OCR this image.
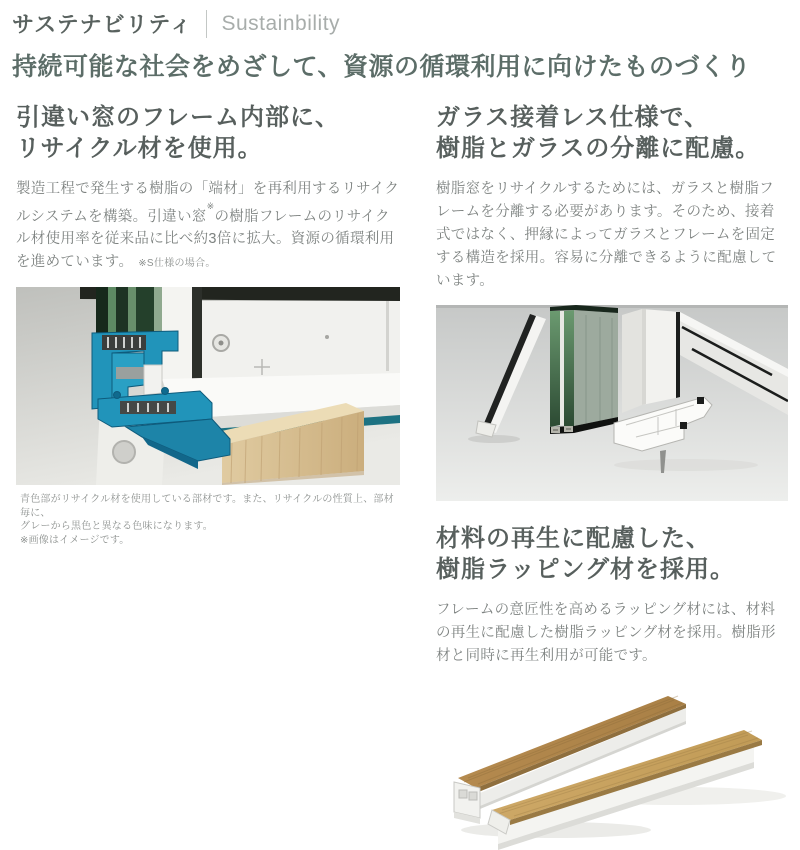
サステナビリティ Sustainbility
持続可能な社会をめざして、資源の循環利用に向けたものづくり
引違い窓のフレーム内部に、
リサイクル材を使用。

製造工程で発生する樹脂の「端材」を再利用するリサイクルシステムを構築。引違い窓※の樹脂フレームのリサイクル材使用率を従来品に比べ約3倍に拡大。資源の循環利用を進めています。 ※S仕様の場合。

青色部がリサイクル材を使用している部材です。また、リサイクルの性質上、部材毎に、
グレーから黒色と異なる色味になります。
※画像はイメージです。
ガラス接着レス仕様で、
樹脂とガラスの分離に配慮。

樹脂窓をリサイクルするためには、ガラスと樹脂フレームを分離する必要があります。そのため、接着式ではなく、押縁によってガラスとフレームを固定する構造を採用。容易に分離できるように配慮しています。

材料の再生に配慮した、
樹脂ラッピング材を採用。

フレームの意匠性を高めるラッピング材には、材料の再生に配慮した樹脂ラッピング材を採用。樹脂形材と同時に再生利用が可能です。
